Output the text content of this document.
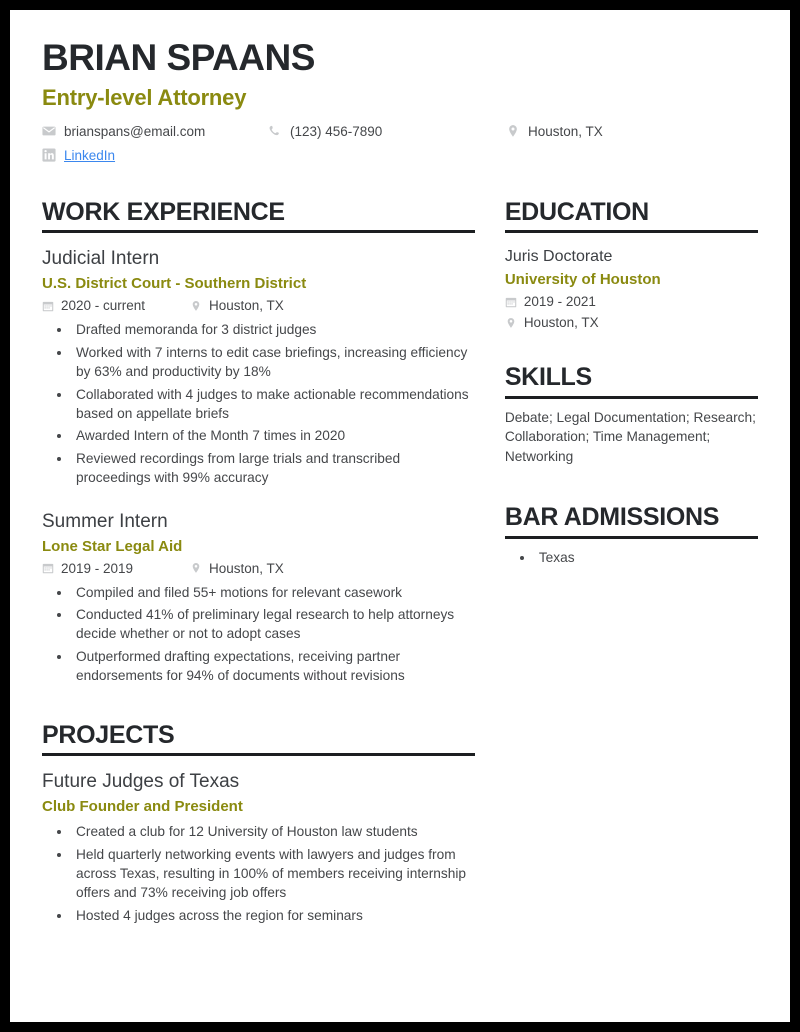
BRIAN SPAANS
Entry-level Attorney
brianspans@email.com	(123) 456-7890	Houston, TX
LinkedIn
WORK EXPERIENCE
Judicial Intern
U.S. District Court - Southern District
2020 - current	Houston, TX
• Drafted memoranda for 3 district judges
• Worked with 7 interns to edit case briefings, increasing efficiency by 63% and productivity by 18%
• Collaborated with 4 judges to make actionable recommendations based on appellate briefs
• Awarded Intern of the Month 7 times in 2020
• Reviewed recordings from large trials and transcribed proceedings with 99% accuracy
Summer Intern
Lone Star Legal Aid
2019 - 2019	Houston, TX
• Compiled and filed 55+ motions for relevant casework
• Conducted 41% of preliminary legal research to help attorneys decide whether or not to adopt cases
• Outperformed drafting expectations, receiving partner endorsements for 94% of documents without revisions
PROJECTS
Future Judges of Texas
Club Founder and President
• Created a club for 12 University of Houston law students
• Held quarterly networking events with lawyers and judges from across Texas, resulting in 100% of members receiving internship offers and 73% receiving job offers
• Hosted 4 judges across the region for seminars
EDUCATION
Juris Doctorate
University of Houston
2019 - 2021
Houston, TX
SKILLS
Debate; Legal Documentation; Research; Collaboration; Time Management; Networking
BAR ADMISSIONS
• Texas
